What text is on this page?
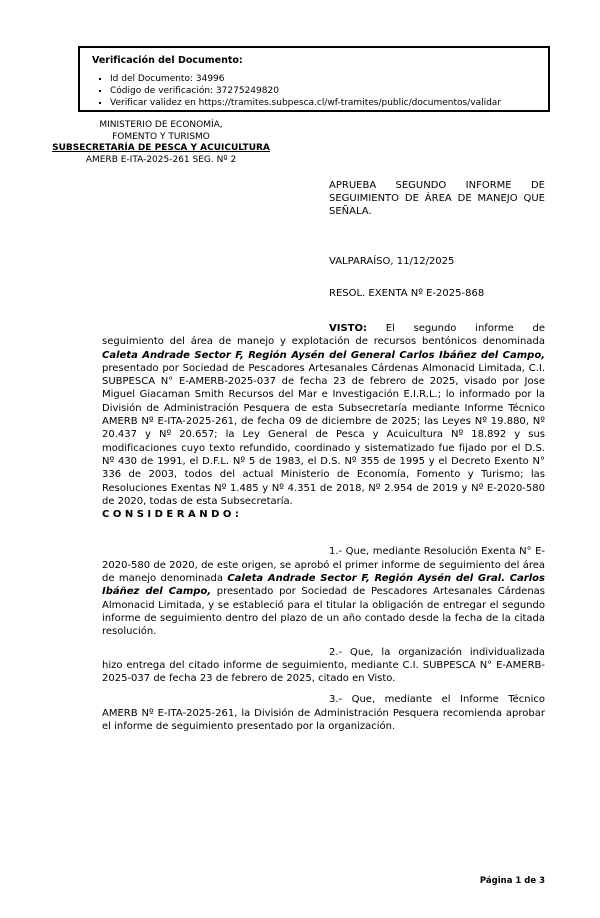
Verificación del Documento:

▪ Id del Documento: 34996
▪ Código de verificación: 37275249820
▪ Verificar validez en https://tramites.subpesca.cl/wf-tramites/public/documentos/validar
MINISTERIO DE ECONOMÍA,
FOMENTO Y TURISMO
SUBSECRETARÍA DE PESCA Y ACUICULTURA
AMERB E-ITA-2025-261 SEG. Nº 2

APRUEBA SEGUNDO INFORME DE SEGUIMIENTO DE ÁREA DE MANEJO QUE SEÑALA.

VALPARAÍSO, 11/12/2025
RESOL. EXENTA Nº E-2025-868

VISTO: El segundo informe de seguimiento del área de manejo y explotación de recursos bentónicos denominada Caleta Andrade Sector F, Región Aysén del General Carlos Ibáñez del Campo, presentado por Sociedad de Pescadores Artesanales Cárdenas Almonacid Limitada, C.I. SUBPESCA N° E-AMERB-2025-037 de fecha 23 de febrero de 2025, visado por Jose Miguel Giacaman Smith Recursos del Mar e Investigación E.I.R.L.; lo informado por la División de Administración Pesquera de esta Subsecretaría mediante Informe Técnico AMERB Nº E-ITA-2025-261, de fecha 09 de diciembre de 2025; las Leyes Nº 19.880, Nº 20.437 y Nº 20.657; la Ley General de Pesca y Acuicultura Nº 18.892 y sus modificaciones cuyo texto refundido, coordinado y sistematizado fue fijado por el D.S. Nº 430 de 1991, el D.F.L. Nº 5 de 1983, el D.S. Nº 355 de 1995 y el Decreto Exento N° 336 de 2003, todos del actual Ministerio de Economía, Fomento y Turismo; las Resoluciones Exentas Nº 1.485 y Nº 4.351 de 2018, Nº 2.954 de 2019 y Nº E-2020-580 de 2020, todas de esta Subsecretaría.

CONSIDERANDO:

1.- Que, mediante Resolución Exenta N° E-2020-580 de 2020, de este origen, se aprobó el primer informe de seguimiento del área de manejo denominada Caleta Andrade Sector F, Región Aysén del Gral. Carlos Ibáñez del Campo, presentado por Sociedad de Pescadores Artesanales Cárdenas Almonacid Limitada, y se estableció para el titular la obligación de entregar el segundo informe de seguimiento dentro del plazo de un año contado desde la fecha de la citada resolución.

2.- Que, la organización individualizada hizo entrega del citado informe de seguimiento, mediante C.I. SUBPESCA N° E-AMERB-2025-037 de fecha 23 de febrero de 2025, citado en Visto.

3.- Que, mediante el Informe Técnico AMERB Nº E-ITA-2025-261, la División de Administración Pesquera recomienda aprobar el informe de seguimiento presentado por la organización.

Página 1 de 3
